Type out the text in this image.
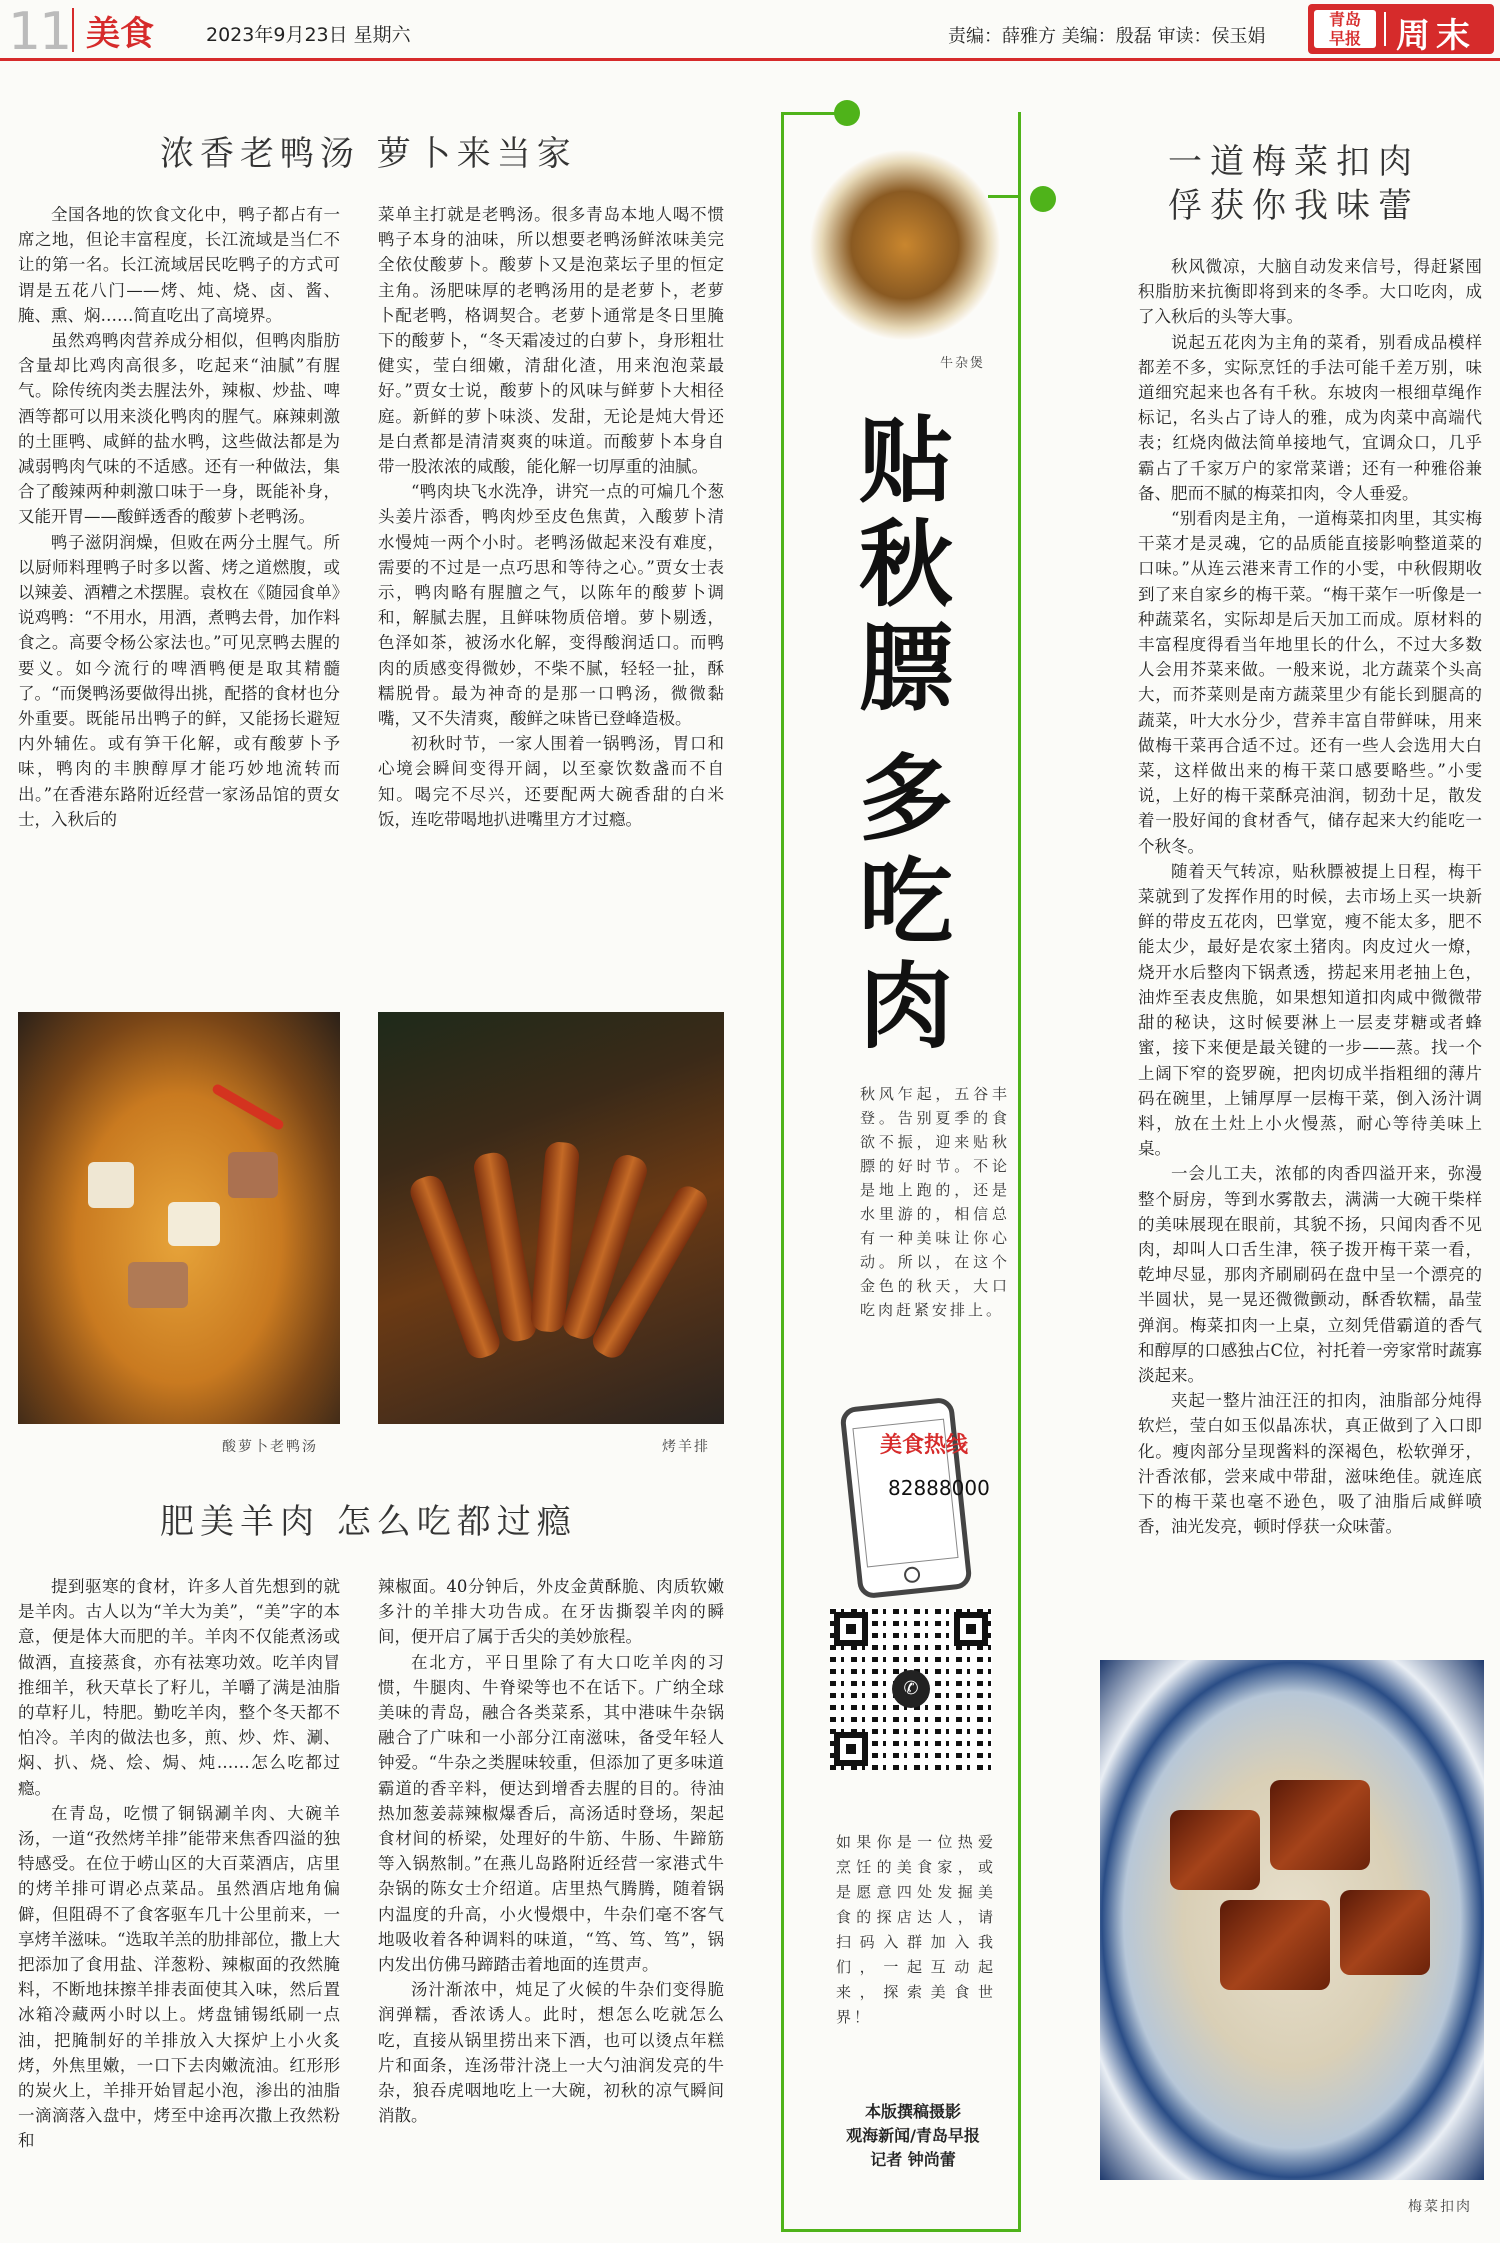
11 美食	2023年9月23日 星期六	责编：薛雅方 美编：殷磊 审读：侯玉娟
青岛
早报	周末
浓香老鸭汤 萝卜来当家

全国各地的饮食文化中，鸭子都占有一席之地，但论丰富程度，长江流域是当仁不让的第一名。长江流域居民吃鸭子的方式可谓是五花八门——烤、炖、烧、卤、酱、腌、熏、焖……简直吃出了高境界。

虽然鸡鸭肉营养成分相似，但鸭肉脂肪含量却比鸡肉高很多，吃起来“油腻”有腥气。除传统肉类去腥法外，辣椒、炒盐、啤酒等都可以用来淡化鸭肉的腥气。麻辣刺激的土匪鸭、咸鲜的盐水鸭，这些做法都是为减弱鸭肉气味的不适感。还有一种做法，集合了酸辣两种刺激口味于一身，既能补身，又能开胃——酸鲜透香的酸萝卜老鸭汤。

鸭子滋阴润燥，但败在两分土腥气。所以厨师料理鸭子时多以酱、烤之道燃腹，或以辣姜、酒糟之术摆腥。袁枚在《随园食单》说鸡鸭：“不用水，用酒，煮鸭去骨，加作料食之。高要令杨公家法也。”可见烹鸭去腥的要义。如今流行的啤酒鸭便是取其精髓了。“而煲鸭汤要做得出挑，配搭的食材也分外重要。既能吊出鸭子的鲜，又能扬长避短内外辅佐。或有笋干化解，或有酸萝卜予味，鸭肉的丰腴醇厚才能巧妙地流转而出。”在香港东路附近经营一家汤品馆的贾女士，入秋后的

菜单主打就是老鸭汤。很多青岛本地人喝不惯鸭子本身的油味，所以想要老鸭汤鲜浓味美完全依仗酸萝卜。酸萝卜又是泡菜坛子里的恒定主角。汤肥味厚的老鸭汤用的是老萝卜，老萝卜配老鸭，格调契合。老萝卜通常是冬日里腌下的酸萝卜，“冬天霜凌过的白萝卜，身形粗壮健实，莹白细嫩，清甜化渣，用来泡泡菜最好。”贾女士说，酸萝卜的风味与鲜萝卜大相径庭。新鲜的萝卜味淡、发甜，无论是炖大骨还是白煮都是清清爽爽的味道。而酸萝卜本身自带一股浓浓的咸酸，能化解一切厚重的油腻。

“鸭肉块飞水洗净，讲究一点的可煸几个葱头姜片添香，鸭肉炒至皮色焦黄，入酸萝卜清水慢炖一两个小时。老鸭汤做起来没有难度，需要的不过是一点巧思和等待之心。”贾女士表示，鸭肉略有腥膻之气，以陈年的酸萝卜调和，解腻去腥，且鲜味物质倍增。萝卜剔透，色泽如茶，被汤水化解，变得酸润适口。而鸭肉的质感变得微妙，不柴不腻，轻轻一扯，酥糯脱骨。最为神奇的是那一口鸭汤，微微黏嘴，又不失清爽，酸鲜之味皆已登峰造极。

初秋时节，一家人围着一锅鸭汤，胃口和心境会瞬间变得开阔，以至豪饮数盏而不自知。喝完不尽兴，还要配两大碗香甜的白米饭，连吃带喝地扒进嘴里方才过瘾。

酸萝卜老鸭汤	烤羊排
肥美羊肉 怎么吃都过瘾

提到驱寒的食材，许多人首先想到的就是羊肉。古人以为“羊大为美”，“美”字的本意，便是体大而肥的羊。羊肉不仅能煮汤或做酒，直接蒸食，亦有祛寒功效。吃羊肉冒推细羊，秋天草长了籽儿，羊嚼了满是油脂的草籽儿，特肥。勤吃羊肉，整个冬天都不怕冷。羊肉的做法也多，煎、炒、炸、涮、焖、扒、烧、烩、焗、炖……怎么吃都过瘾。

在青岛，吃惯了铜锅涮羊肉、大碗羊汤，一道“孜然烤羊排”能带来焦香四溢的独特感受。在位于崂山区的大百菜酒店，店里的烤羊排可谓必点菜品。虽然酒店地角偏僻，但阻碍不了食客驱车几十公里前来，一享烤羊滋味。“选取羊羔的肋排部位，撒上大把添加了食用盐、洋葱粉、辣椒面的孜然腌料，不断地抹擦羊排表面使其入味，然后置冰箱冷藏两小时以上。烤盘铺锡纸刷一点油，把腌制好的羊排放入大探炉上小火炙烤，外焦里嫩，一口下去肉嫩流油。红形形的炭火上，羊排开始冒起小泡，渗出的油脂一滴滴落入盘中，烤至中途再次撒上孜然粉和

辣椒面。40分钟后，外皮金黄酥脆、肉质软嫩多汁的羊排大功告成。在牙齿撕裂羊肉的瞬间，便开启了属于舌尖的美妙旅程。

在北方，平日里除了有大口吃羊肉的习惯，牛腿肉、牛脊梁等也不在话下。广纳全球美味的青岛，融合各类菜系，其中港味牛杂锅融合了广味和一小部分江南滋味，备受年轻人钟爱。“牛杂之类腥味较重，但添加了更多味道霸道的香辛料，便达到增香去腥的目的。待油热加葱姜蒜辣椒爆香后，高汤适时登场，架起食材间的桥梁，处理好的牛筋、牛肠、牛蹄筋等入锅熬制。”在燕儿岛路附近经营一家港式牛杂锅的陈女士介绍道。店里热气腾腾，随着锅内温度的升高，小火慢煨中，牛杂们毫不客气地吸收着各种调料的味道，“笃、笃、笃”，锅内发出仿佛马蹄踏击着地面的连贯声。

汤汁渐浓中，炖足了火候的牛杂们变得脆润弹糯，香浓诱人。此时，想怎么吃就怎么吃，直接从锅里捞出来下酒，也可以烫点年糕片和面条，连汤带汁浇上一大勺油润发亮的牛杂，狼吞虎咽地吃上一大碗，初秋的凉气瞬间消散。

牛杂煲
贴秋膘
多吃肉
秋风乍起，五谷丰登。告别夏季的食欲不振，迎来贴秋膘的好时节。不论是地上跑的，还是水里游的，相信总有一种美味让你心动。所以，在这个金色的秋天，大口吃肉赶紧安排上。
美食热线
82888000
✆
如果你是一位热爱烹饪的美食家，或是愿意四处发掘美食的探店达人，请扫码入群加入我们，一起互动起来，探索美食世界！
本版撰稿摄影
观海新闻/青岛早报
记者 钟尚蕾
一道梅菜扣肉
俘获你我味蕾

秋风微凉，大脑自动发来信号，得赶紧囤积脂肪来抗衡即将到来的冬季。大口吃肉，成了入秋后的头等大事。

说起五花肉为主角的菜肴，别看成品模样都差不多，实际烹饪的手法可能千差万别，味道细究起来也各有千秋。东坡肉一根细草绳作标记，名头占了诗人的雅，成为肉菜中高端代表；红烧肉做法简单接地气，宜调众口，几乎霸占了千家万户的家常菜谱；还有一种雅俗兼备、肥而不腻的梅菜扣肉，令人垂爱。

“别看肉是主角，一道梅菜扣肉里，其实梅干菜才是灵魂，它的品质能直接影响整道菜的口味。”从连云港来青工作的小雯，中秋假期收到了来自家乡的梅干菜。“梅干菜乍一听像是一种蔬菜名，实际却是后天加工而成。原材料的丰富程度得看当年地里长的什么，不过大多数人会用芥菜来做。一般来说，北方蔬菜个头高大，而芥菜则是南方蔬菜里少有能长到腿高的蔬菜，叶大水分少，营养丰富自带鲜味，用来做梅干菜再合适不过。还有一些人会选用大白菜，这样做出来的梅干菜口感要略些。”小雯说，上好的梅干菜酥亮油润，韧劲十足，散发着一股好闻的食材香气，储存起来大约能吃一个秋冬。

随着天气转凉，贴秋膘被提上日程，梅干菜就到了发挥作用的时候，去市场上买一块新鲜的带皮五花肉，巴掌宽，瘦不能太多，肥不能太少，最好是农家土猪肉。肉皮过火一燎，烧开水后整肉下锅煮透，捞起来用老抽上色，油炸至表皮焦脆，如果想知道扣肉咸中微微带甜的秘诀，这时候要淋上一层麦芽糖或者蜂蜜，接下来便是最关键的一步——蒸。找一个上阔下窄的瓷罗碗，把肉切成半指粗细的薄片码在碗里，上铺厚厚一层梅干菜，倒入汤汁调料，放在土灶上小火慢蒸，耐心等待美味上桌。

一会儿工夫，浓郁的肉香四溢开来，弥漫整个厨房，等到水雾散去，满满一大碗干柴样的美味展现在眼前，其貌不扬，只闻肉香不见肉，却叫人口舌生津，筷子拨开梅干菜一看，乾坤尽显，那肉齐刷刷码在盘中呈一个漂亮的半圆状，晃一晃还微微颤动，酥香软糯，晶莹弹润。梅菜扣肉一上桌，立刻凭借霸道的香气和醇厚的口感独占C位，衬托着一旁家常时蔬寡淡起来。

夹起一整片油汪汪的扣肉，油脂部分炖得软烂，莹白如玉似晶冻状，真正做到了入口即化。瘦肉部分呈现酱料的深褐色，松软弹牙，汁香浓郁，尝来咸中带甜，滋味绝佳。就连底下的梅干菜也毫不逊色，吸了油脂后咸鲜喷香，油光发亮，顿时俘获一众味蕾。

梅菜扣肉
